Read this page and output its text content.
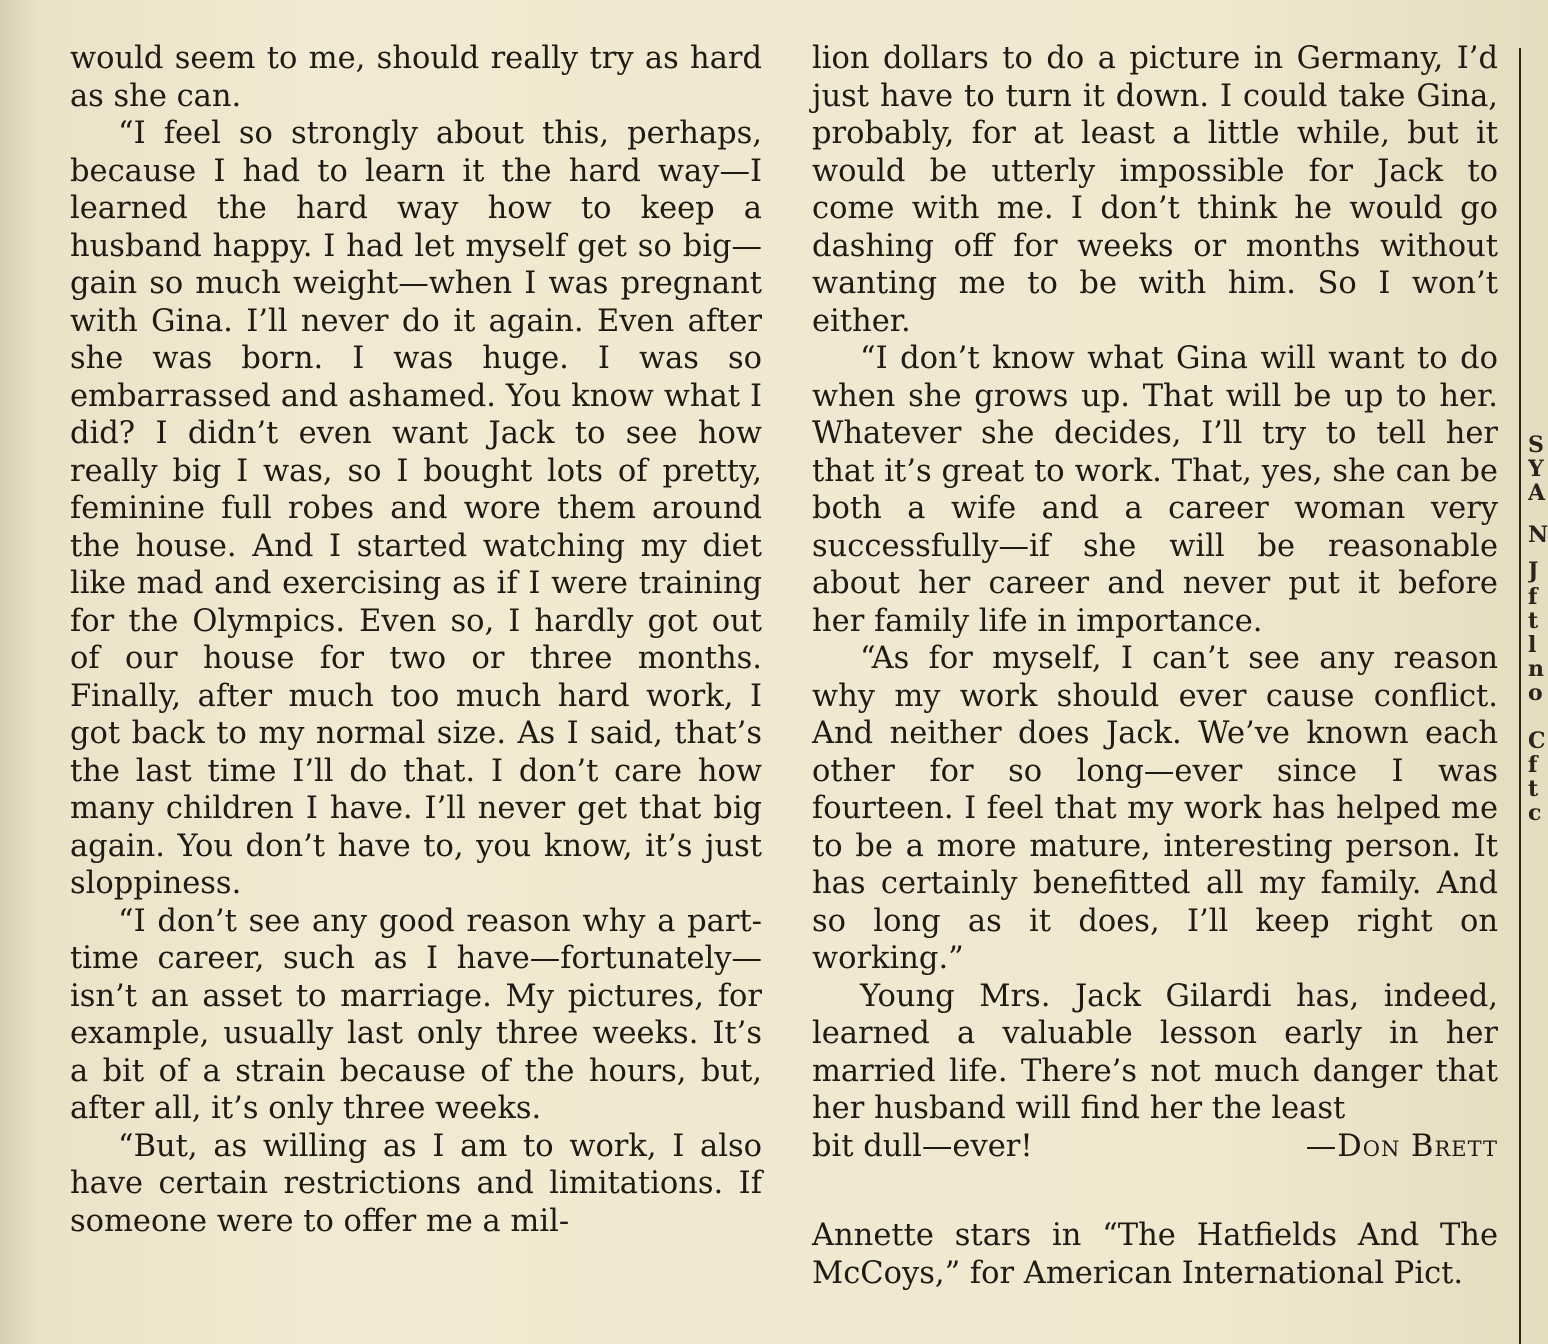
would seem to me, should really try as hard as she can.

“I feel so strongly about this, perhaps, because I had to learn it the hard way—I learned the hard way how to keep a husband happy. I had let myself get so big—gain so much weight—when I was pregnant with Gina. I’ll never do it again. Even after she was born. I was huge. I was so embarrassed and ashamed. You know what I did? I didn’t even want Jack to see how really big I was, so I bought lots of pretty, feminine full robes and wore them around the house. And I started watching my diet like mad and exercising as if I were training for the Olympics. Even so, I hardly got out of our house for two or three months. Finally, after much too much hard work, I got back to my normal size. As I said, that’s the last time I’ll do that. I don’t care how many children I have. I’ll never get that big again. You don’t have to, you know, it’s just sloppiness.

“I don’t see any good reason why a part-time career, such as I have—fortunately—isn’t an asset to marriage. My pictures, for example, usually last only three weeks. It’s a bit of a strain because of the hours, but, after all, it’s only three weeks.

“But, as willing as I am to work, I also have certain restrictions and limitations. If someone were to offer me a mil-

lion dollars to do a picture in Germany, I’d just have to turn it down. I could take Gina, probably, for at least a little while, but it would be utterly impossible for Jack to come with me. I don’t think he would go dashing off for weeks or months without wanting me to be with him. So I won’t either.

“I don’t know what Gina will want to do when she grows up. That will be up to her. Whatever she decides, I’ll try to tell her that it’s great to work. That, yes, she can be both a wife and a career woman very successfully—if she will be reasonable about her career and never put it before her family life in importance.

“As for myself, I can’t see any reason why my work should ever cause conflict. And neither does Jack. We’ve known each other for so long—ever since I was fourteen. I feel that my work has helped me to be a more mature, interesting person. It has certainly benefitted all my family. And so long as it does, I’ll keep right on working.”

Young Mrs. Jack Gilardi has, indeed, learned a valuable lesson early in her married life. There’s not much danger that her husband will find her the least

bit dull—ever!	—Don Brett

Annette stars in “The Hatfields And The McCoys,” for American International Pict.

S
Y
A
N
J
f
t
l
n
o
C
f
t
c
